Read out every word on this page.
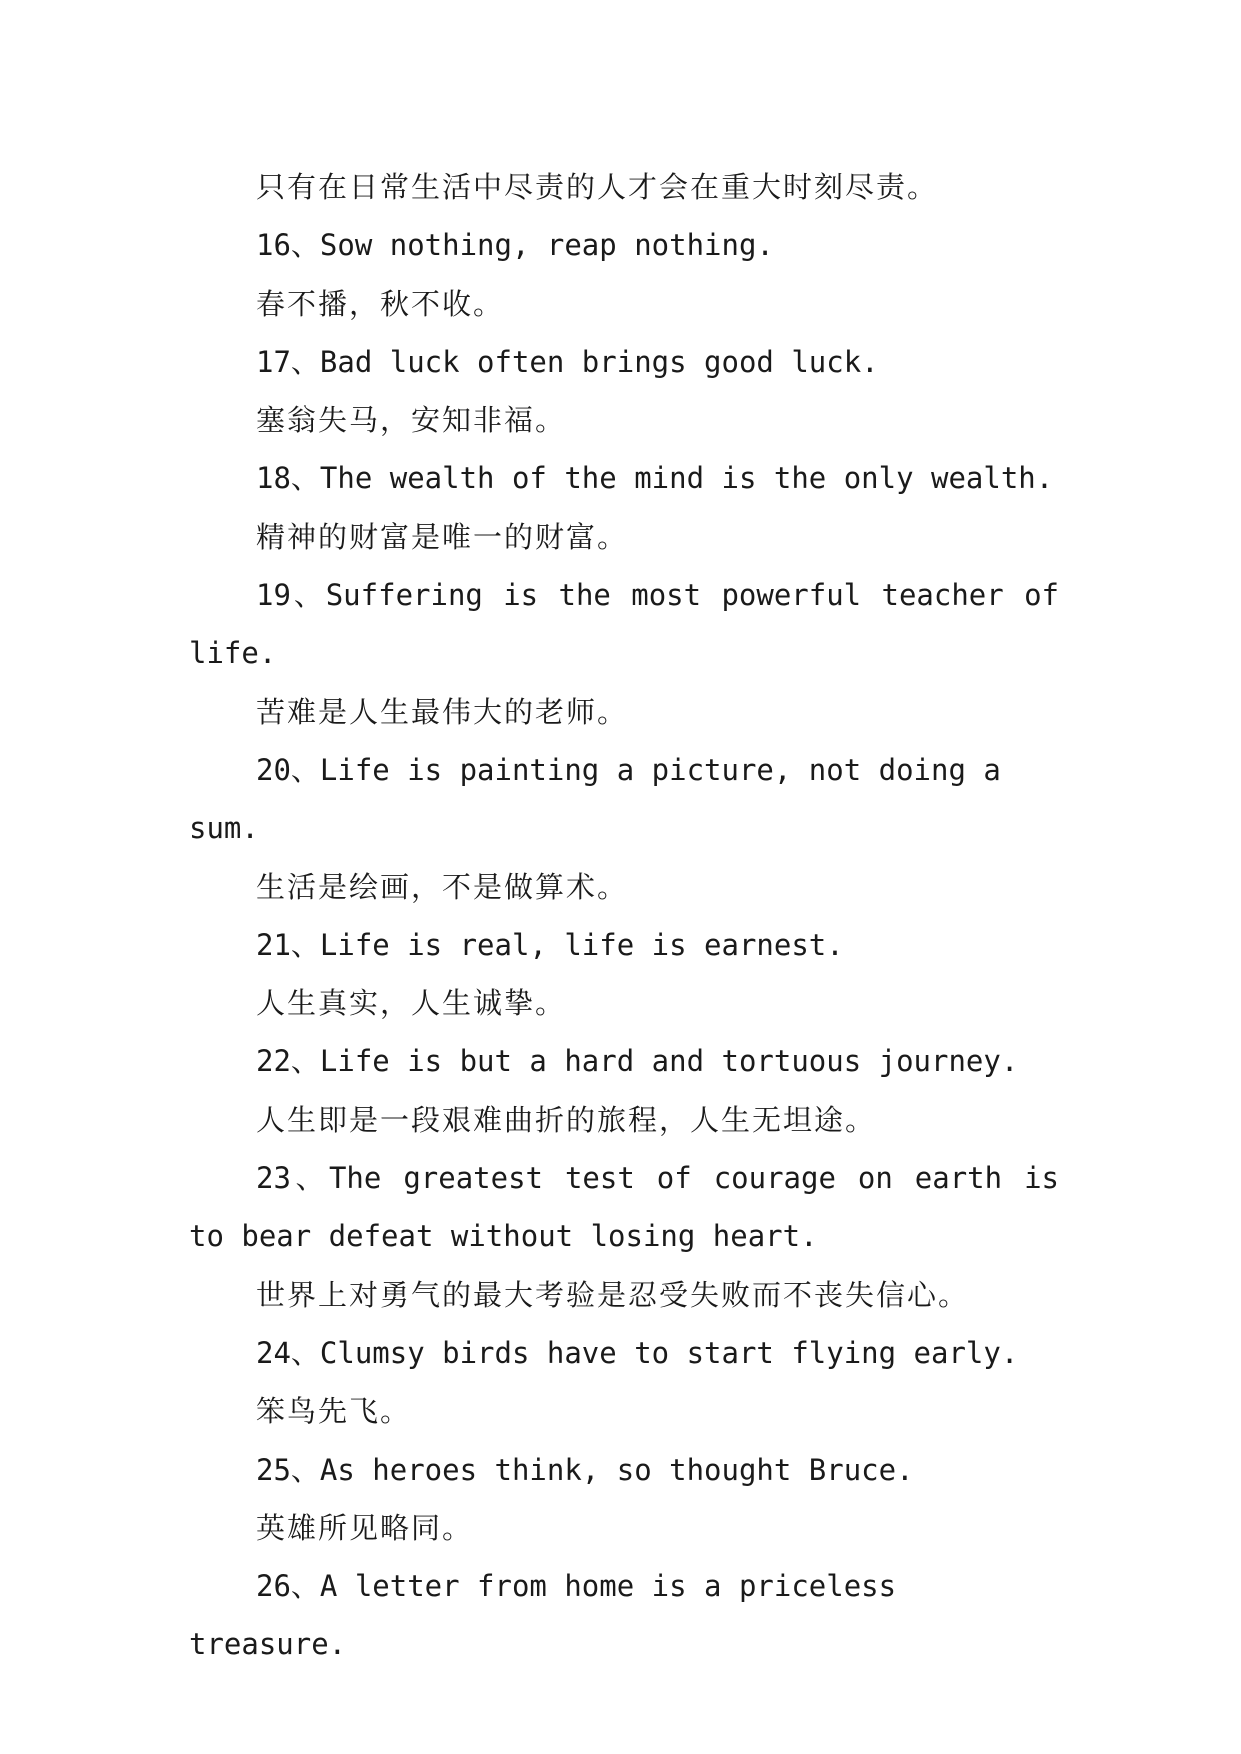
只有在日常生活中尽责的人才会在重大时刻尽责。

16、Sow nothing, reap nothing.

春不播，秋不收。

17、Bad luck often brings good luck.

塞翁失马，安知非福。

18、The wealth of the mind is the only wealth.

精神的财富是唯一的财富。

19、Suffering is the most powerful teacher of life.

苦难是人生最伟大的老师。

20、Life is painting a picture, not doing a sum.

生活是绘画，不是做算术。

21、Life is real, life is earnest.

人生真实，人生诚挚。

22、Life is but a hard and tortuous journey.

人生即是一段艰难曲折的旅程，人生无坦途。

23、The greatest test of courage on earth is to bear defeat without losing heart.

世界上对勇气的最大考验是忍受失败而不丧失信心。

24、Clumsy birds have to start flying early.

笨鸟先飞。

25、As heroes think, so thought Bruce.

英雄所见略同。

26、A letter from home is a priceless treasure.
